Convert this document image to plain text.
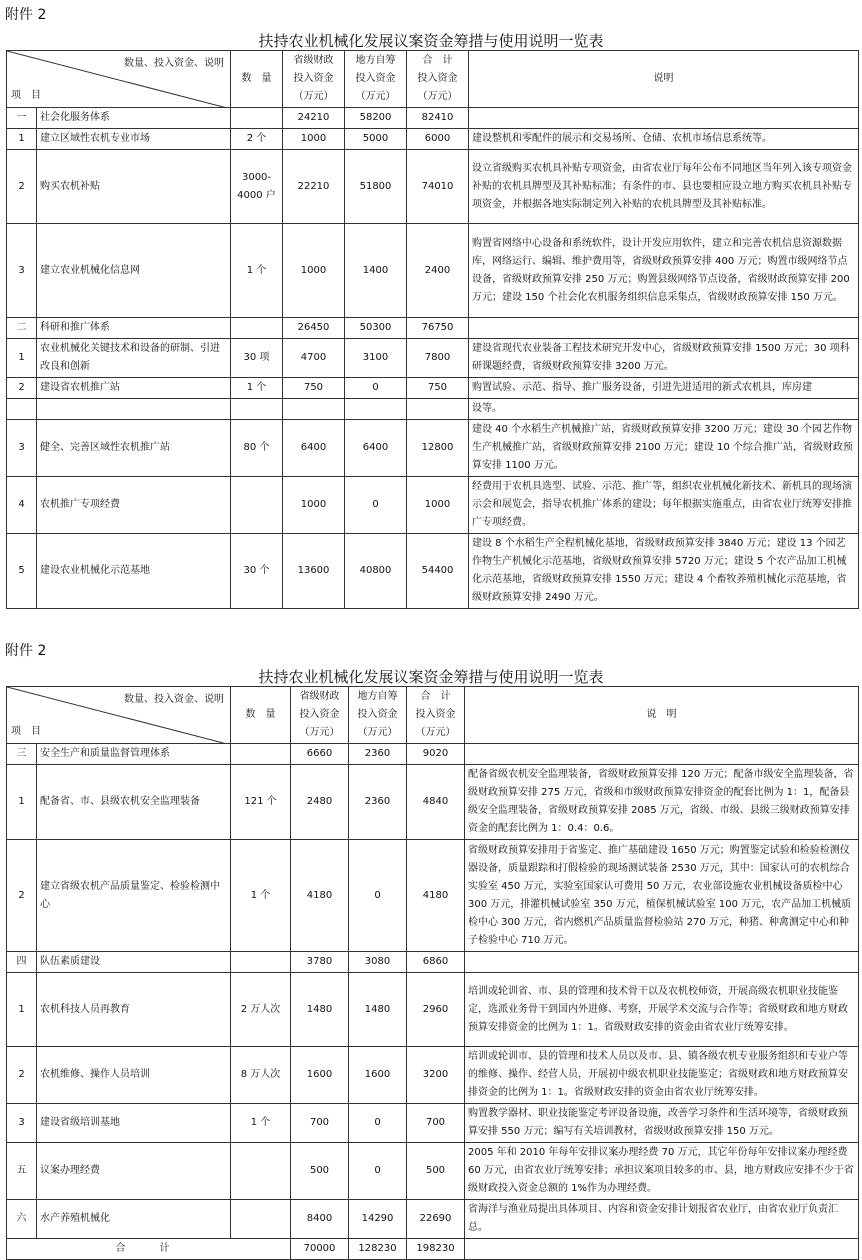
附件 2
扶持农业机械化发展议案资金筹措与使用说明一览表
数量、投入资金、说明
项　目		数　量	省级财政
投入资金
（万元）	地方自筹
投入资金
（万元）	合　计
投入资金
（万元）	说明
一	社会化服务体系		24210	58200	82410	
1	建立区域性农机专业市场	2 个	1000	5000	6000	建设整机和零配件的展示和交易场所、仓储、农机市场信息系统等。
2	购买农机补贴	3000-4000 户	22210	51800	74010	设立省级购买农机具补贴专项资金，由省农业厅每年公布不同地区当年列入该专项资金补贴的农机具牌型及其补贴标准；有条件的市、县也要相应设立地方购买农机具补贴专项资金，并根据各地实际制定列入补贴的农机具牌型及其补贴标准。
3	建立农业机械化信息网	1 个	1000	1400	2400	购置省网络中心设备和系统软件，设计开发应用软件，建立和完善农机信息资源数据库，网络运行、编辑、维护费用等，省级财政预算安排 400 万元；购置市级网络节点设备，省级财政预算安排 250 万元；购置县级网络节点设备，省级财政预算安排 200 万元；建设 150 个社会化农机服务组织信息采集点，省级财政预算安排 150 万元。
二	科研和推广体系		26450	50300	76750	
1	农业机械化关键技术和设备的研制、引进改良和创新	30 项	4700	3100	7800	建设省现代农业装备工程技术研究开发中心，省级财政预算安排 1500 万元；30 项科研课题经费，省级财政预算安排 3200 万元。
2	建设省农机推广站	1 个	750	0	750	购置试验、示范、指导、推广服务设备，引进先进适用的新式农机具，库房建
						设等。
3	健全、完善区域性农机推广站	80 个	6400	6400	12800	建设 40 个水稻生产机械推广站，省级财政预算安排 3200 万元；建设 30 个园艺作物生产机械推广站，省级财政预算安排 2100 万元；建设 10 个综合推广站，省级财政预算安排 1100 万元。
4	农机推广专项经费		1000	0	1000	经费用于农机具选型、试验、示范、推广等，组织农业机械化新技术、新机具的现场演示会和展览会，指导农机推广体系的建设；每年根据实施重点，由省农业厅统筹安排推广专项经费。
5	建设农业机械化示范基地	30 个	13600	40800	54400	建设 8 个水稻生产全程机械化基地，省级财政预算安排 3840 万元；建设 13 个园艺作物生产机械化示范基地，省级财政预算安排 5720 万元；建设 5 个农产品加工机械化示范基地，省级财政预算安排 1550 万元；建设 4 个畜牧养殖机械化示范基地，省级财政预算安排 2490 万元。
附件 2
扶持农业机械化发展议案资金筹措与使用说明一览表
数量、投入资金、说明
项　目		数　量	省级财政
投入资金
（万元）	地方自筹
投入资金
（万元）	合　计
投入资金
（万元）	说　明
三	安全生产和质量监督管理体系		6660	2360	9020	
1	配备省、市、县级农机安全监理装备	121 个	2480	2360	4840	配备省级农机安全监理装备，省级财政预算安排 120 万元；配备市级安全监理装备，省级财政预算安排 275 万元，省级和市级财政预算安排资金的配套比例为 1：1，配备县级安全监理装备，省级财政预算安排 2085 万元，省级、市级、县级三级财政预算安排资金的配套比例为 1：0.4：0.6。
2	建立省级农机产品质量鉴定、检验检测中心	1 个	4180	0	4180	省级财政预算安排用于省鉴定、推广基础建设 1650 万元；购置鉴定试验和检验检测仪器设备，质量跟踪和打假检验的现场测试装备 2530 万元，其中：国家认可的农机综合实验室 450 万元，实验室国家认可费用 50 万元，农业部设施农业机械设备质检中心 300 万元，排灌机械试验室 350 万元，植保机械试验室 100 万元，农产品加工机械质检中心 300 万元，省内燃机产品质量监督检验站 270 万元，种猪、种禽测定中心和种子检验中心 710 万元。
四	队伍素质建设		3780	3080	6860	
1	农机科技人员再教育	2 万人次	1480	1480	2960	培训或轮训省、市、县的管理和技术骨干以及农机校师资，开展高级农机职业技能鉴定，选派业务骨干到国内外进修、考察，开展学术交流与合作等；省级财政和地方财政预算安排资金的比例为 1：1。省级财政安排的资金由省农业厅统筹安排。
2	农机维修、操作人员培训	8 万人次	1600	1600	3200	培训或轮训市、县的管理和技术人员以及市、县、镇各级农机专业服务组织和专业户等的维修、操作、经营人员，开展初中级农机职业技能鉴定；省级财政和地方财政预算安排资金的比例为 1：1。省级财政安排的资金由省农业厅统筹安排。
3	建设省级培训基地	1 个	700	0	700	购置教学器材、职业技能鉴定考评设备设施，改善学习条件和生活环境等，省级财政预算安排 550 万元；编写有关培训教材，省级财政预算安排 150 万元。
五	议案办理经费		500	0	500	2005 年和 2010 年每年安排议案办理经费 70 万元，其它年份每年安排议案办理经费 60 万元，由省农业厅统筹安排；承担议案项目较多的市、县，地方财政应安排不少于省级财政投入资金总额的 1%作为办理经费。
六	水产养殖机械化		8400	14290	22690	省海洋与渔业局提出具体项目、内容和资金安排计划报省农业厅，由省农业厅负责汇总。
合　计			70000	128230	198230	
